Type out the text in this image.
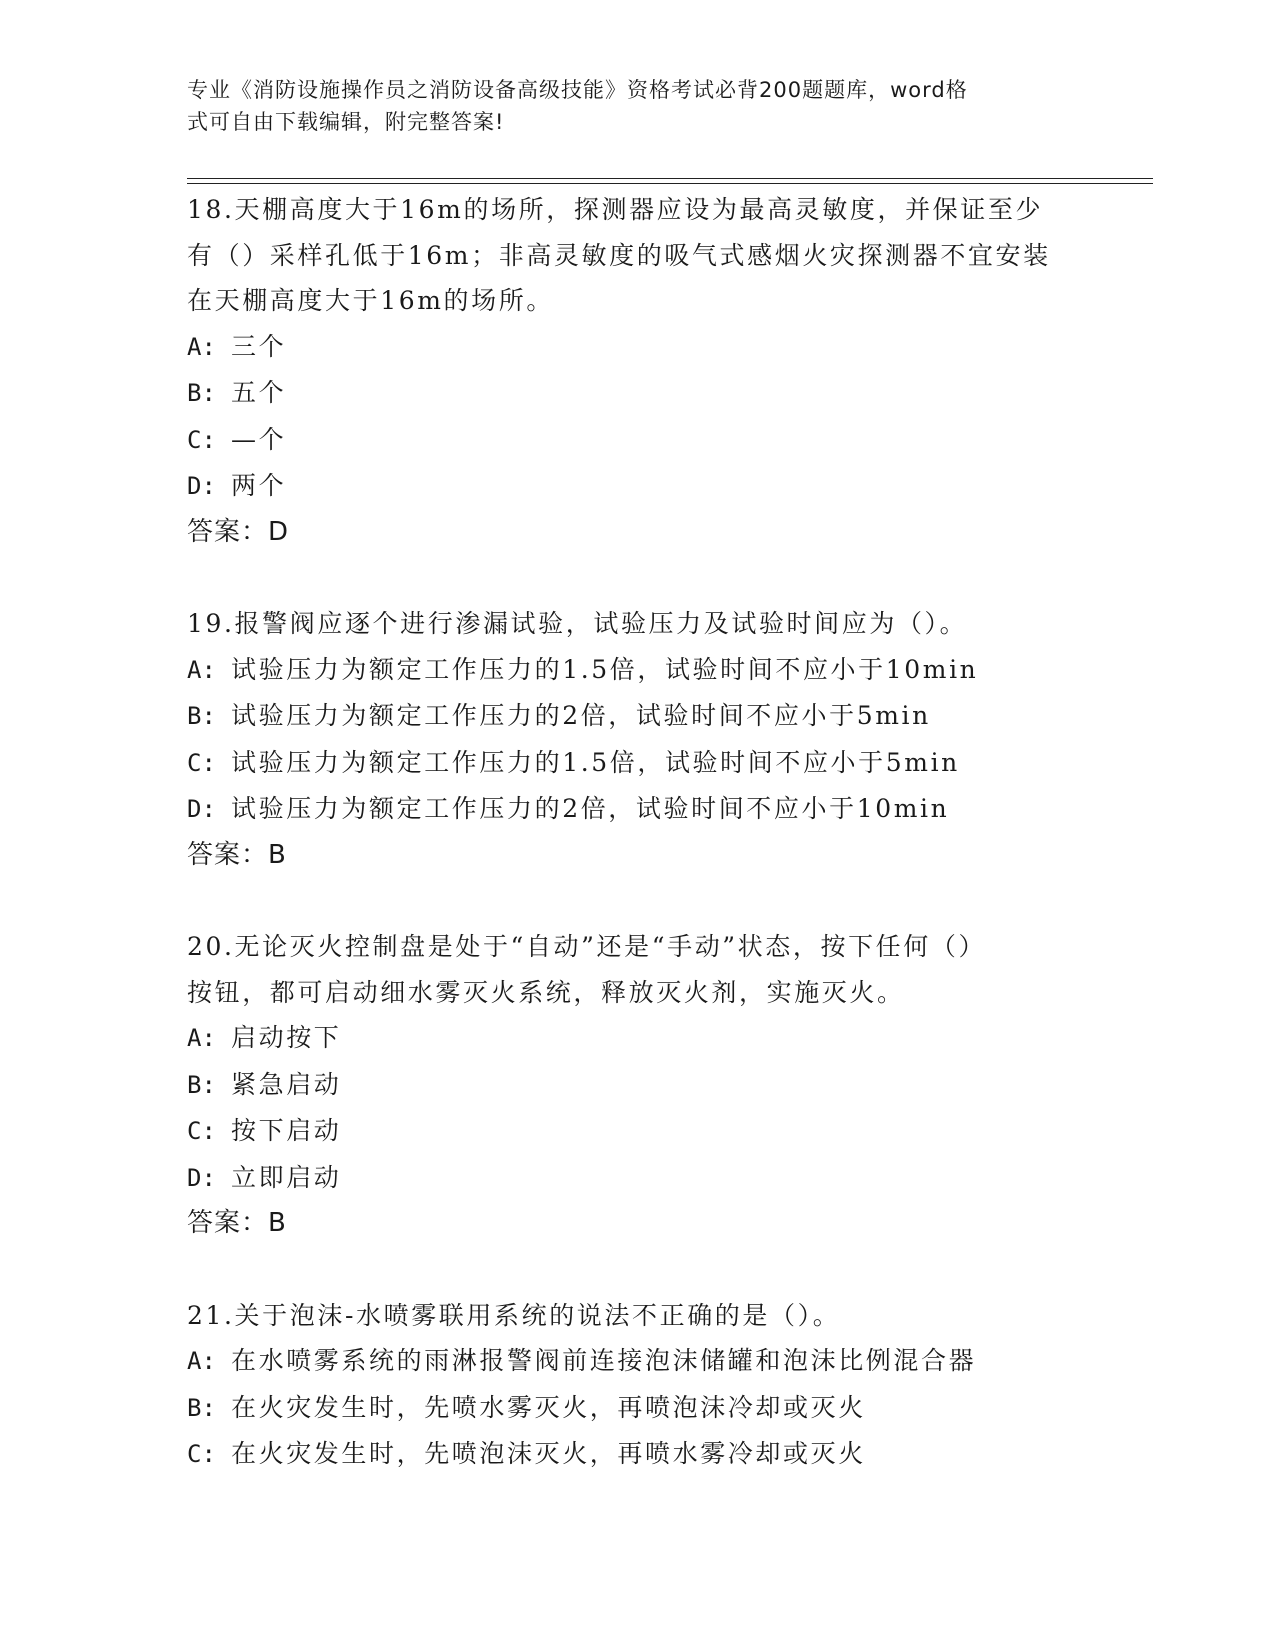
专业《消防设施操作员之消防设备高级技能》资格考试必背200题题库，word格
式可自由下载编辑，附完整答案!
18.天棚高度大于16m的场所，探测器应设为最高灵敏度，并保证至少
有（）采样孔低于16m；非高灵敏度的吸气式感烟火灾探测器不宜安装
在天棚高度大于16m的场所。
A: 三个
B: 五个
C: —个
D: 两个
答案：D
19.报警阀应逐个进行渗漏试验，试验压力及试验时间应为（）。
A: 试验压力为额定工作压力的1.5倍，试验时间不应小于10min
B: 试验压力为额定工作压力的2倍，试验时间不应小于5min
C: 试验压力为额定工作压力的1.5倍，试验时间不应小于5min
D: 试验压力为额定工作压力的2倍，试验时间不应小于10min
答案：B
20.无论灭火控制盘是处于“自动”还是“手动”状态，按下任何（）
按钮，都可启动细水雾灭火系统，释放灭火剂，实施灭火。
A: 启动按下
B: 紧急启动
C: 按下启动
D: 立即启动
答案：B
21.关于泡沫-水喷雾联用系统的说法不正确的是（）。
A: 在水喷雾系统的雨淋报警阀前连接泡沫储罐和泡沫比例混合器
B: 在火灾发生时，先喷水雾灭火，再喷泡沫冷却或灭火
C: 在火灾发生时，先喷泡沫灭火，再喷水雾冷却或灭火
